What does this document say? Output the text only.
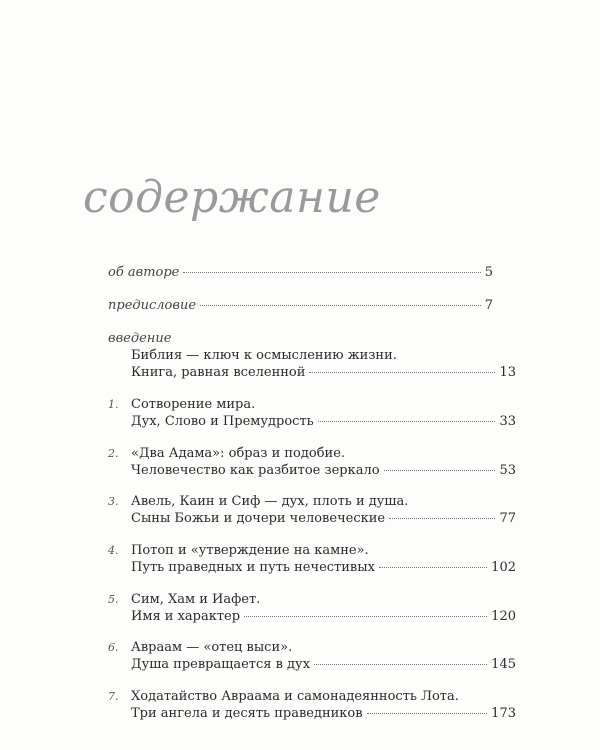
содержание
об авторе	5
предисловие	7
введение
Библия — ключ к осмыслению жизни.
Книга, равная вселенной	13
1. Сотворение мира.
Дух, Слово и Премудрость	33
2. «Два Адама»: образ и подобие.
Человечество как разбитое зеркало	53
3. Авель, Каин и Сиф — дух, плоть и душа.
Сыны Божьи и дочери человеческие	77
4. Потоп и «утверждение на камне».
Путь праведных и путь нечестивых	102
5. Сим, Хам и Иафет.
Имя и характер	120
6. Авраам — «отец выси».
Душа превращается в дух	145
7. Ходатайство Авраама и самонадеянность Лота.
Три ангела и десять праведников	173
